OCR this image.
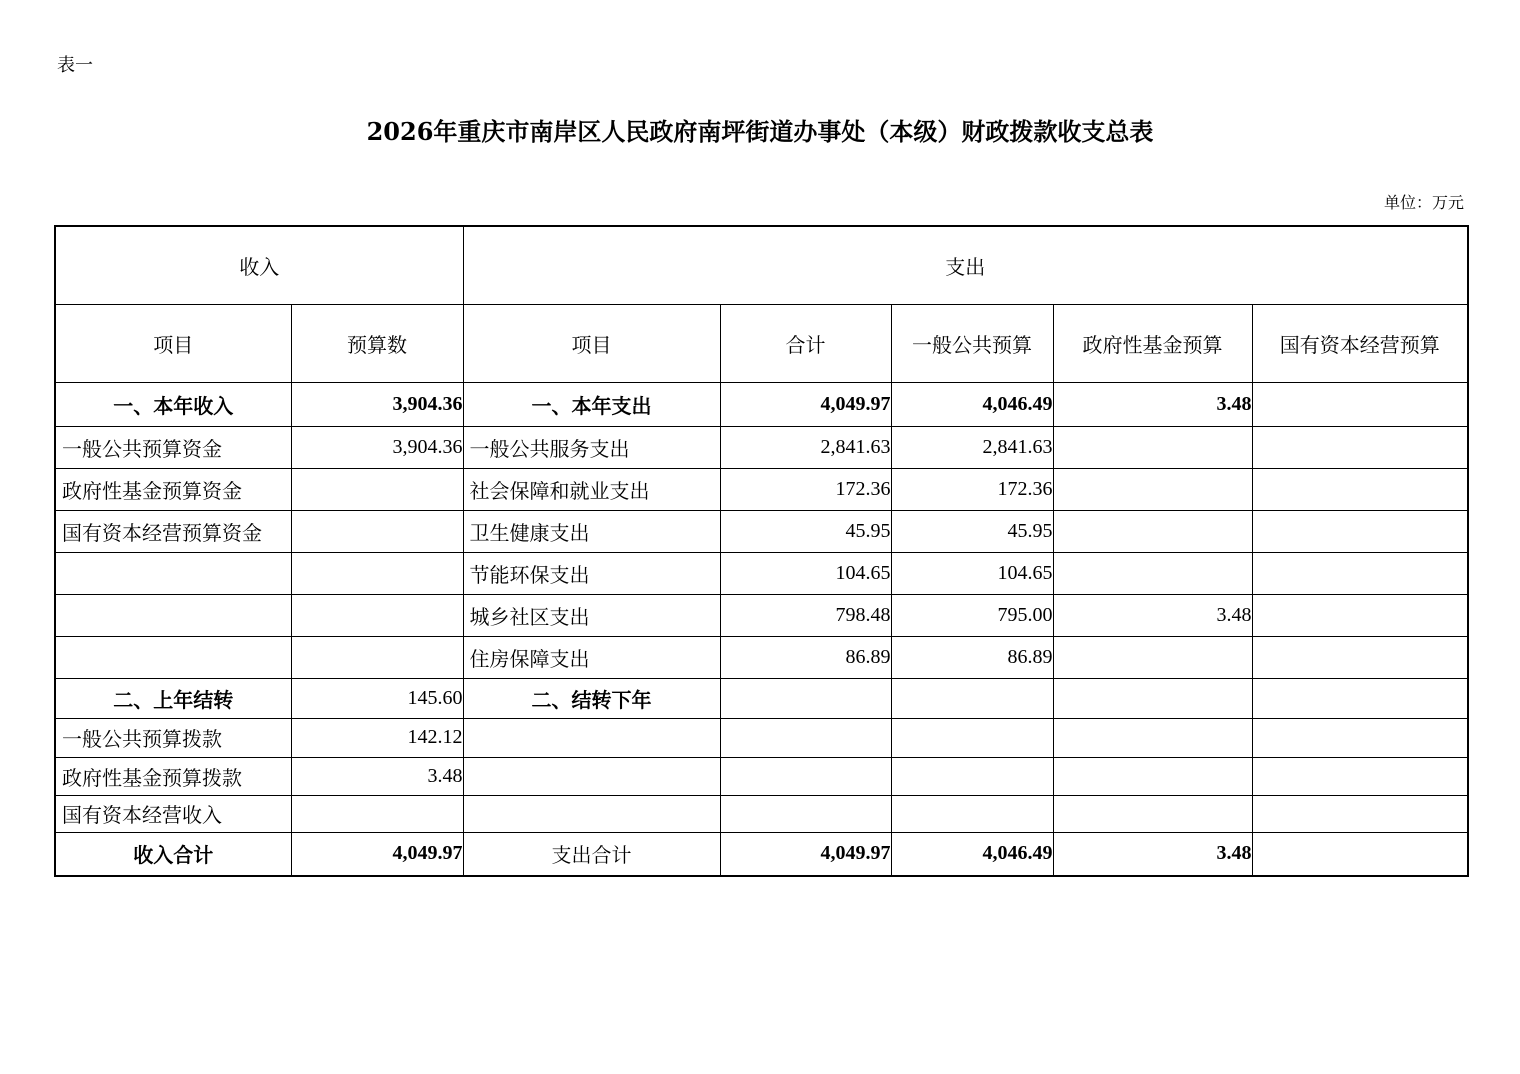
表一
2026年重庆市南岸区人民政府南坪街道办事处（本级）财政拨款收支总表
单位：万元
收入		支出				
项目	预算数	项目	合计	一般公共预算	政府性基金预算	国有资本经营预算
一、本年收入	3,904.36	一、本年支出	4,049.97	4,046.49	3.48	
一般公共预算资金	3,904.36	一般公共服务支出	2,841.63	2,841.63		
政府性基金预算资金		社会保障和就业支出	172.36	172.36		
国有资本经营预算资金		卫生健康支出	45.95	45.95		
		节能环保支出	104.65	104.65		
		城乡社区支出	798.48	795.00	3.48	
		住房保障支出	86.89	86.89		
二、上年结转	145.60	二、结转下年				
一般公共预算拨款	142.12					
政府性基金预算拨款	3.48					
国有资本经营收入						
收入合计	4,049.97	支出合计	4,049.97	4,046.49	3.48	
